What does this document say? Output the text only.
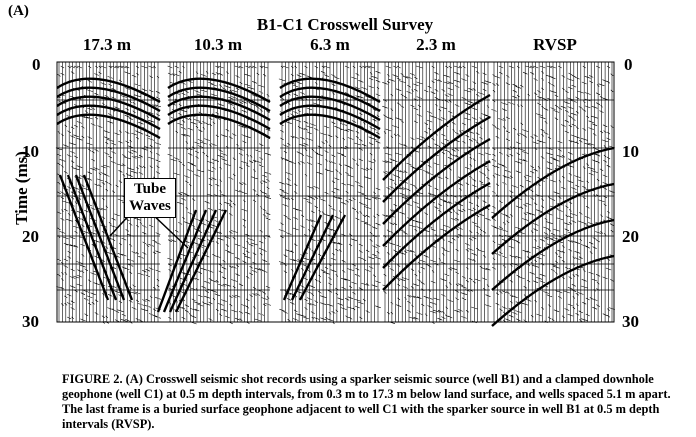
(A)
B1-C1 Crosswell Survey
17.3 m	10.3 m	6.3 m	2.3 m	RVSP
Time (ms)
0
10
20
30
0
10
20
30
Tube
Waves
FIGURE 2. (A) Crosswell seismic shot records using a sparker seismic source (well B1) and a clamped downhole geophone (well C1) at 0.5 m depth intervals, from 0.3 m to 17.3 m below land surface, and wells spaced 5.1 m apart. The last frame is a buried surface geophone adjacent to well C1 with the sparker source in well B1 at 0.5 m depth intervals (RVSP).
